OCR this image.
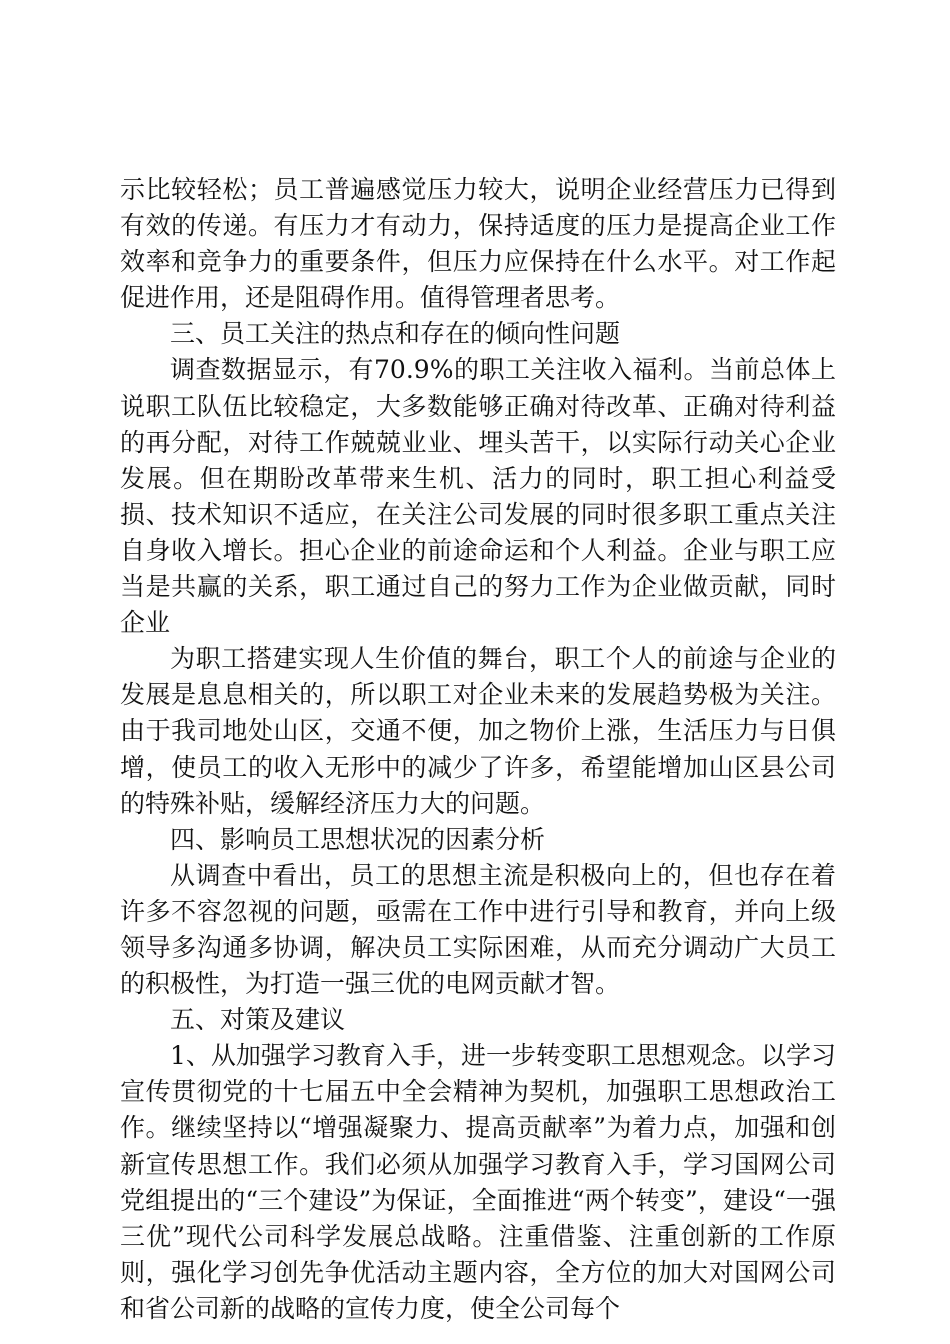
示比较轻松；员工普遍感觉压力较大，说明企业经营压力已得到有效的传递。有压力才有动力，保持适度的压力是提高企业工作效率和竞争力的重要条件，但压力应保持在什么水平。对工作起促进作用，还是阻碍作用。值得管理者思考。

三、员工关注的热点和存在的倾向性问题

调查数据显示，有70.9%的职工关注收入福利。当前总体上说职工队伍比较稳定，大多数能够正确对待改革、正确对待利益的再分配，对待工作兢兢业业、埋头苦干，以实际行动关心企业发展。但在期盼改革带来生机、活力的同时，职工担心利益受损、技术知识不适应，在关注公司发展的同时很多职工重点关注自身收入增长。担心企业的前途命运和个人利益。企业与职工应当是共赢的关系，职工通过自己的努力工作为企业做贡献，同时企业

为职工搭建实现人生价值的舞台，职工个人的前途与企业的发展是息息相关的，所以职工对企业未来的发展趋势极为关注。由于我司地处山区，交通不便，加之物价上涨，生活压力与日俱增，使员工的收入无形中的减少了许多，希望能增加山区县公司的特殊补贴，缓解经济压力大的问题。

四、影响员工思想状况的因素分析

从调查中看出，员工的思想主流是积极向上的，但也存在着许多不容忽视的问题，亟需在工作中进行引导和教育，并向上级领导多沟通多协调，解决员工实际困难，从而充分调动广大员工的积极性，为打造一强三优的电网贡献才智。

五、对策及建议

1、从加强学习教育入手，进一步转变职工思想观念。以学习宣传贯彻党的十七届五中全会精神为契机，加强职工思想政治工作。继续坚持以“增强凝聚力、提高贡献率”为着力点，加强和创新宣传思想工作。我们必须从加强学习教育入手，学习国网公司党组提出的“三个建设”为保证，全面推进“两个转变”，建设“一强三优”现代公司科学发展总战略。注重借鉴、注重创新的工作原则，强化学习创先争优活动主题内容，全方位的加大对国网公司和省公司新的战略的宣传力度，使全公司每个
